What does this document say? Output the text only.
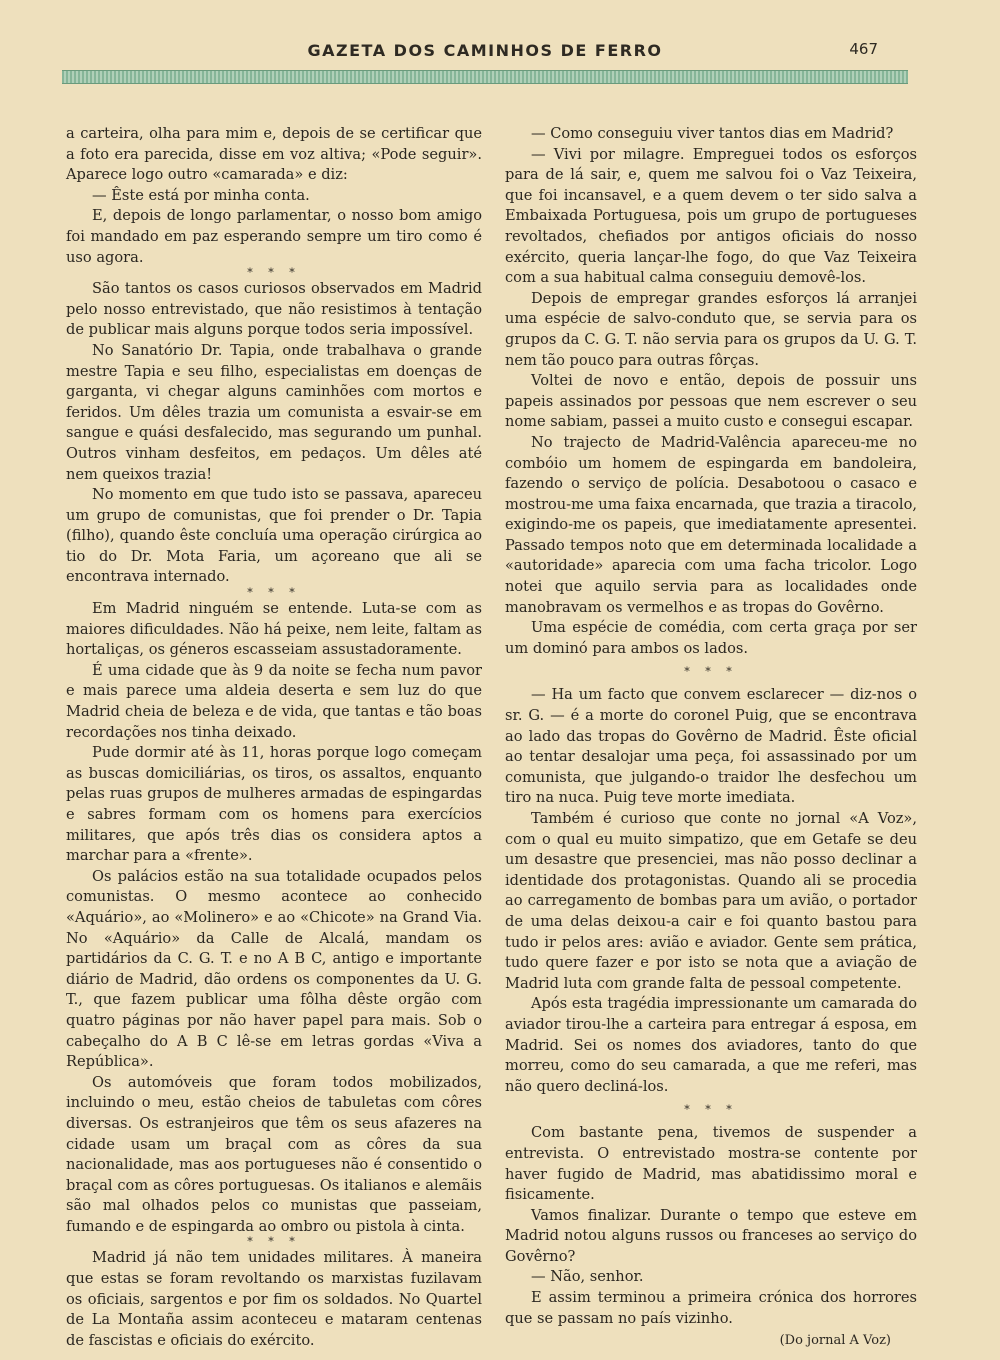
GAZETA DOS CAMINHOS DE FERRO	467

a carteira, olha para mim e, depois de se certificar que a foto era parecida, disse em voz altiva; «Pode seguir». Aparece logo outro «camarada» e diz:

— Êste está por minha conta.

E, depois de longo parlamentar, o nosso bom amigo foi mandado em paz esperando sempre um tiro como é uso agora.

* * *

São tantos os casos curiosos observados em Madrid pelo nosso entrevistado, que não resistimos à tentação de publicar mais alguns porque todos seria impossível.

No Sanatório Dr. Tapia, onde trabalhava o grande mestre Tapia e seu filho, especialistas em doenças de garganta, vi chegar alguns caminhões com mortos e feridos. Um dêles trazia um comunista a esvair-se em sangue e quási desfalecido, mas segurando um punhal. Outros vinham desfeitos, em pedaços. Um dêles até nem queixos trazia!

No momento em que tudo isto se passava, apareceu um grupo de comunistas, que foi prender o Dr. Tapia (filho), quando êste concluía uma operação cirúrgica ao tio do Dr. Mota Faria, um açoreano que ali se encontrava internado.

* * *

Em Madrid ninguém se entende. Luta-se com as maiores dificuldades. Não há peixe, nem leite, faltam as hortaliças, os géneros escasseiam assustadoramente.

É uma cidade que às 9 da noite se fecha num pavor e mais parece uma aldeia deserta e sem luz do que Madrid cheia de beleza e de vida, que tantas e tão boas recordações nos tinha deixado.

Pude dormir até às 11, horas porque logo começam as buscas domiciliárias, os tiros, os assaltos, enquanto pelas ruas grupos de mulheres armadas de espingardas e sabres formam com os homens para exercícios militares, que após três dias os considera aptos a marchar para a «frente».

Os palácios estão na sua totalidade ocupados pelos comunistas. O mesmo acontece ao conhecido «Aquário», ao «Molinero» e ao «Chicote» na Grand Via. No «Aquário» da Calle de Alcalá, mandam os partidários da C. G. T. e no A B C, antigo e importante diário de Madrid, dão ordens os componentes da U. G. T., que fazem publicar uma fôlha dêste orgão com quatro páginas por não haver papel para mais. Sob o cabeçalho do A B C lê-se em letras gordas «Viva a República».

Os automóveis que foram todos mobilizados, incluindo o meu, estão cheios de tabuletas com côres diversas. Os estranjeiros que têm os seus afazeres na cidade usam um braçal com as côres da sua nacionalidade, mas aos portugueses não é consentido o braçal com as côres portuguesas. Os italianos e alemãis são mal olhados pelos co munistas que passeiam, fumando e de espingarda ao ombro ou pistola à cinta.

* * *

Madrid já não tem unidades militares. À maneira que estas se foram revoltando os marxistas fuzilavam os oficiais, sargentos e por fim os soldados. No Quartel de La Montaña assim aconteceu e mataram centenas de fascistas e oficiais do exército.

— Como conseguiu viver tantos dias em Madrid?

— Vivi por milagre. Empreguei todos os esforços para de lá sair, e, quem me salvou foi o Vaz Teixeira, que foi incansavel, e a quem devem o ter sido salva a Embaixada Portuguesa, pois um grupo de portugueses revoltados, chefiados por antigos oficiais do nosso exército, queria lançar-lhe fogo, do que Vaz Teixeira com a sua habitual calma conseguiu demovê-los.

Depois de empregar grandes esforços lá arranjei uma espécie de salvo-conduto que, se servia para os grupos da C. G. T. não servia para os grupos da U. G. T. nem tão pouco para outras fôrças.

Voltei de novo e então, depois de possuir uns papeis assinados por pessoas que nem escrever o seu nome sabiam, passei a muito custo e consegui escapar.

No trajecto de Madrid-Valência apareceu-me no combóio um homem de espingarda em bandoleira, fazendo o serviço de polícia. Desabotoou o casaco e mostrou-me uma faixa encarnada, que trazia a tiracolo, exigindo-me os papeis, que imediatamente apresentei. Passado tempos noto que em determinada localidade a «autoridade» aparecia com uma facha tricolor. Logo notei que aquilo servia para as localidades onde manobravam os vermelhos e as tropas do Govêrno.

Uma espécie de comédia, com certa graça por ser um dominó para ambos os lados.

* * *

— Ha um facto que convem esclarecer — diz-nos o sr. G. — é a morte do coronel Puig, que se encontrava ao lado das tropas do Govêrno de Madrid. Êste oficial ao tentar desalojar uma peça, foi assassinado por um comunista, que julgando-o traidor lhe desfechou um tiro na nuca. Puig teve morte imediata.

Também é curioso que conte no jornal «A Voz», com o qual eu muito simpatizo, que em Getafe se deu um desastre que presenciei, mas não posso declinar a identidade dos protagonistas. Quando ali se procedia ao carregamento de bombas para um avião, o portador de uma delas deixou-a cair e foi quanto bastou para tudo ir pelos ares: avião e aviador. Gente sem prática, tudo quere fazer e por isto se nota que a aviação de Madrid luta com grande falta de pessoal competente.

Após esta tragédia impressionante um camarada do aviador tirou-lhe a carteira para entregar á esposa, em Madrid. Sei os nomes dos aviadores, tanto do que morreu, como do seu camarada, a que me referi, mas não quero decliná-los.

* * *

Com bastante pena, tivemos de suspender a entrevista. O entrevistado mostra-se contente por haver fugido de Madrid, mas abatidissimo moral e fisicamente.

Vamos finalizar. Durante o tempo que esteve em Madrid notou alguns russos ou franceses ao serviço do Govêrno?

— Não, senhor.

E assim terminou a primeira crónica dos horrores que se passam no país vizinho.

(Do jornal A Voz)
